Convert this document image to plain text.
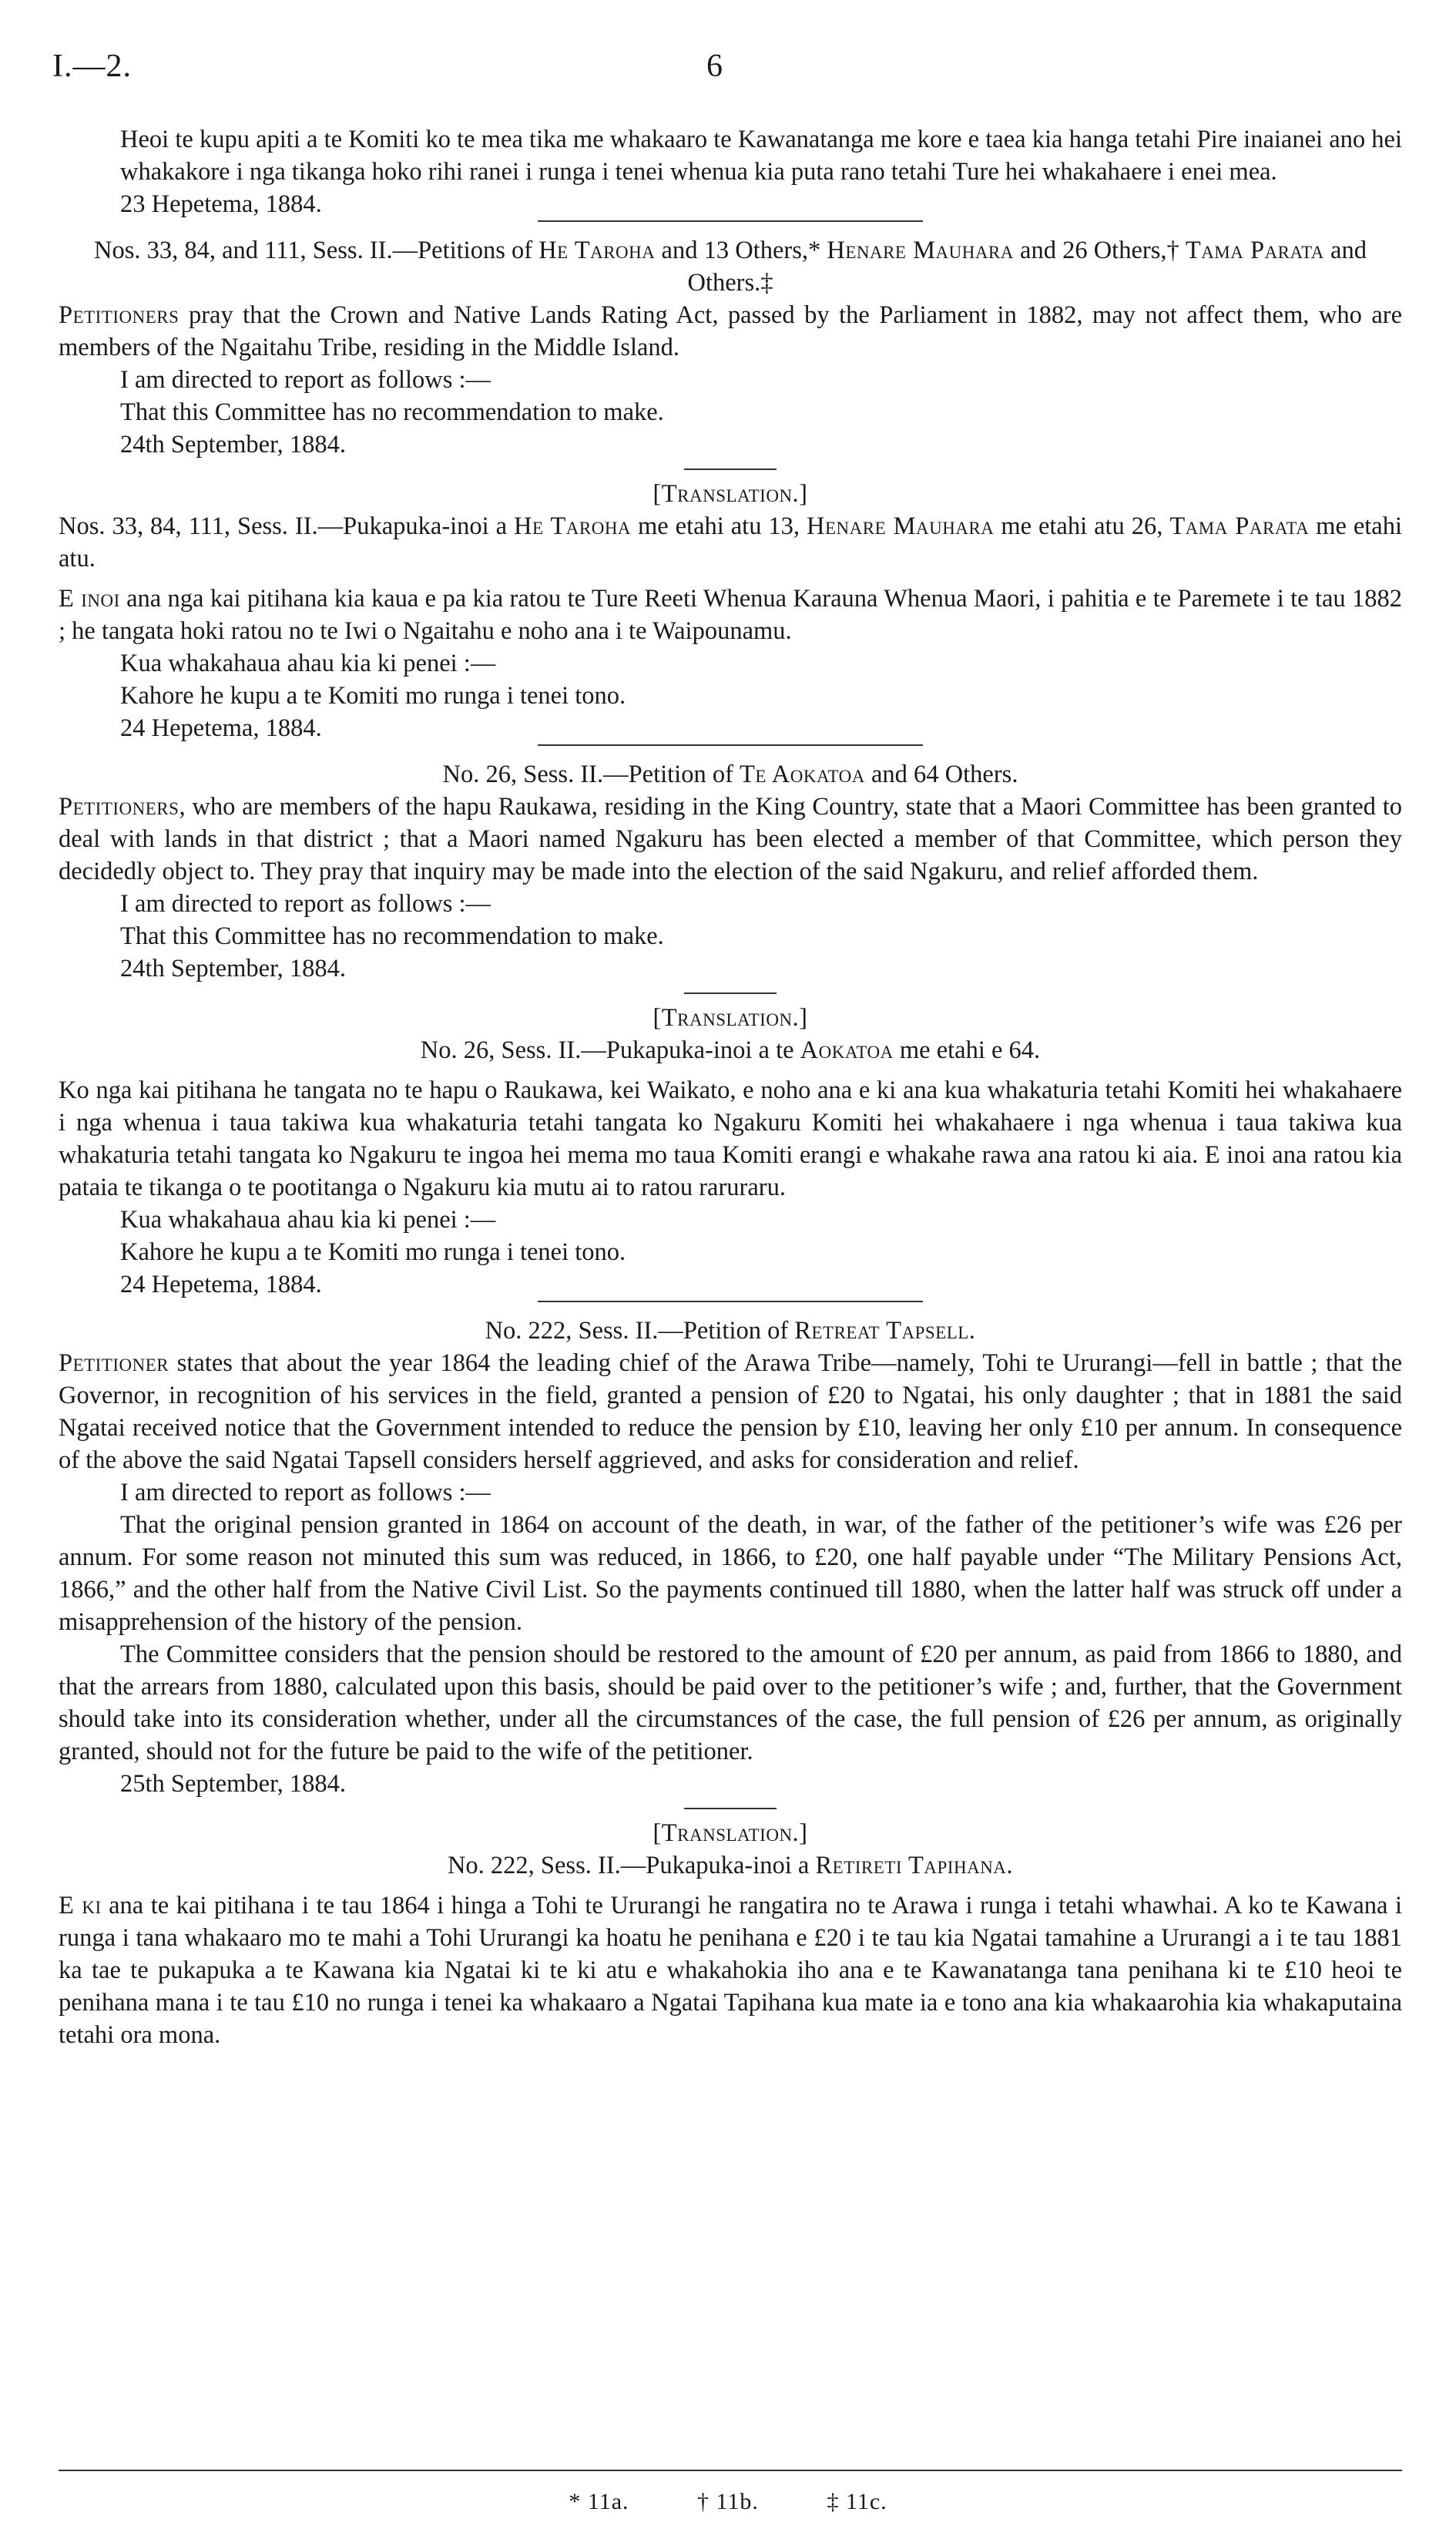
I.—2.	6

Heoi te kupu apiti a te Komiti ko te mea tika me whakaaro te Kawanatanga me kore e taea kia hanga tetahi Pire inaianei ano hei whakakore i nga tikanga hoko rihi ranei i runga i tenei whenua kia puta rano tetahi Ture hei whakahaere i enei mea.

23 Hepetema, 1884.

Nos. 33, 84, and 111, Sess. II.—Petitions of He Taroha and 13 Others,* Henare Mauhara and 26 Others,† Tama Parata and Others.‡

Petitioners pray that the Crown and Native Lands Rating Act, passed by the Parliament in 1882, may not affect them, who are members of the Ngaitahu Tribe, residing in the Middle Island.

I am directed to report as follows :—

That this Committee has no recommendation to make.

24th September, 1884.

[Translation.]

Nos. 33, 84, 111, Sess. II.—Pukapuka-inoi a He Taroha me etahi atu 13, Henare Mauhara me etahi atu 26, Tama Parata me etahi atu.

E inoi ana nga kai pitihana kia kaua e pa kia ratou te Ture Reeti Whenua Karauna Whenua Maori, i pahitia e te Paremete i te tau 1882 ; he tangata hoki ratou no te Iwi o Ngaitahu e noho ana i te Waipounamu.

Kua whakahaua ahau kia ki penei :—

Kahore he kupu a te Komiti mo runga i tenei tono.

24 Hepetema, 1884.

No. 26, Sess. II.—Petition of Te Aokatoa and 64 Others.

Petitioners, who are members of the hapu Raukawa, residing in the King Country, state that a Maori Committee has been granted to deal with lands in that district ; that a Maori named Ngakuru has been elected a member of that Committee, which person they decidedly object to. They pray that inquiry may be made into the election of the said Ngakuru, and relief afforded them.

I am directed to report as follows :—

That this Committee has no recommendation to make.

24th September, 1884.

[Translation.]

No. 26, Sess. II.—Pukapuka-inoi a te Aokatoa me etahi e 64.

Ko nga kai pitihana he tangata no te hapu o Raukawa, kei Waikato, e noho ana e ki ana kua whakaturia tetahi Komiti hei whakahaere i nga whenua i taua takiwa kua whakaturia tetahi tangata ko Ngakuru Komiti hei whakahaere i nga whenua i taua takiwa kua whakaturia tetahi tangata ko Ngakuru te ingoa hei mema mo taua Komiti erangi e whakahe rawa ana ratou ki aia. E inoi ana ratou kia pataia te tikanga o te pootitanga o Ngakuru kia mutu ai to ratou raruraru.

Kua whakahaua ahau kia ki penei :—

Kahore he kupu a te Komiti mo runga i tenei tono.

24 Hepetema, 1884.

No. 222, Sess. II.—Petition of Retreat Tapsell.

Petitioner states that about the year 1864 the leading chief of the Arawa Tribe—namely, Tohi te Ururangi—fell in battle ; that the Governor, in recognition of his services in the field, granted a pension of £20 to Ngatai, his only daughter ; that in 1881 the said Ngatai received notice that the Government intended to reduce the pension by £10, leaving her only £10 per annum. In consequence of the above the said Ngatai Tapsell considers herself aggrieved, and asks for consideration and relief.

I am directed to report as follows :—

That the original pension granted in 1864 on account of the death, in war, of the father of the petitioner’s wife was £26 per annum. For some reason not minuted this sum was reduced, in 1866, to £20, one half payable under “The Military Pensions Act, 1866,” and the other half from the Native Civil List. So the payments continued till 1880, when the latter half was struck off under a misapprehension of the history of the pension.

The Committee considers that the pension should be restored to the amount of £20 per annum, as paid from 1866 to 1880, and that the arrears from 1880, calculated upon this basis, should be paid over to the petitioner’s wife ; and, further, that the Government should take into its consideration whether, under all the circumstances of the case, the full pension of £26 per annum, as originally granted, should not for the future be paid to the wife of the petitioner.

25th September, 1884.

[Translation.]

No. 222, Sess. II.—Pukapuka-inoi a Retireti Tapihana.

E ki ana te kai pitihana i te tau 1864 i hinga a Tohi te Ururangi he rangatira no te Arawa i runga i tetahi whawhai. A ko te Kawana i runga i tana whakaaro mo te mahi a Tohi Ururangi ka hoatu he penihana e £20 i te tau kia Ngatai tamahine a Ururangi a i te tau 1881 ka tae te pukapuka a te Kawana kia Ngatai ki te ki atu e whakahokia iho ana e te Kawanatanga tana penihana ki te £10 heoi te penihana mana i te tau £10 no runga i tenei ka whakaaro a Ngatai Tapihana kua mate ia e tono ana kia whakaarohia kia whakaputaina tetahi ora mona.

* 11a.	† 11b.	‡ 11c.
